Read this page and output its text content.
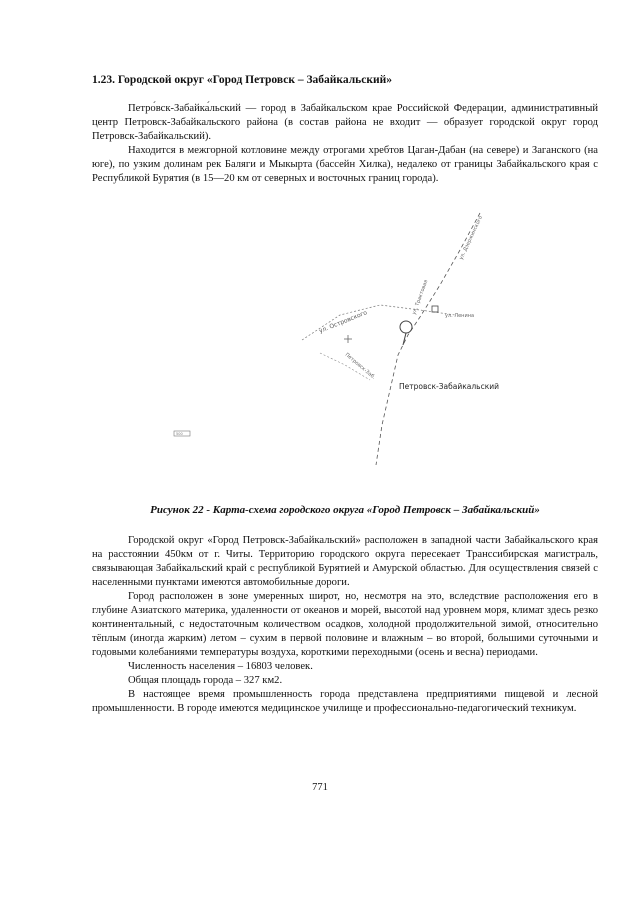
1.23. Городской округ «Город Петровск – Забайкальский»

Петро́вск-Забайка́льский — город в Забайкальском крае Российской Федерации, административный центр Петровск-Забайкальского района (в состав района не входит — образует городской округ город Петровск-Забайкальский).

Находится в межгорной котловине между отрогами хребтов Цаган-Дабан (на севере) и Заганского (на юге), по узким долинам рек Баляги и Мыкырта (бассейн Хилка), недалеко от границы Забайкальского края с Республикой Бурятия (в 15—20 км от северных и восточных границ города).

ул. Дзержинского
ул. Трактовая
ул. Ленина
Петровск-Заб.
ул. Островского
Петровск-Забайкальский
500
Рисунок 22 - Карта-схема городского округа «Город Петровск – Забайкальский»

Городской округ «Город Петровск-Забайкальский» расположен в западной части Забайкальского края на расстоянии 450км от г. Читы. Территорию городского округа пересекает Транссибирская магистраль, связывающая Забайкальский край с республикой Бурятией и Амурской областью. Для осуществления связей с населенными пунктами имеются автомобильные дороги.

Город расположен в зоне умеренных широт, но, несмотря на это, вследствие расположения его в глубине Азиатского материка, удаленности от океанов и морей, высотой над уровнем моря, климат здесь резко континентальный, с недостаточным количеством осадков, холодной продолжительной зимой, относительно тёплым (иногда жарким) летом – сухим в первой половине и влажным – во второй, большими суточными и годовыми колебаниями температуры воздуха, короткими переходными (осень и весна) периодами.

Численность населения – 16803 человек.

Общая площадь города – 327 км2.

В настоящее время промышленность города представлена предприятиями пищевой и лесной промышленности. В городе имеются медицинское училище и профессионально-педагогический техникум.

771
